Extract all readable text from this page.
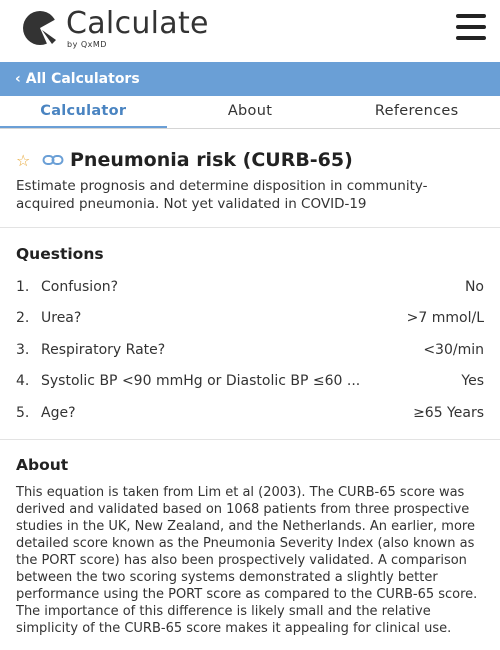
Calculate
by QxMD
‹ All Calculators
Calculator	About	References
☆	Pneumonia risk (CURB-65)
Estimate prognosis and determine disposition in community-acquired pneumonia. Not yet validated in COVID-19
Questions
1. Confusion?	No
2. Urea?	>7 mmol/L
3. Respiratory Rate?	<30/min
4. Systolic BP <90 mmHg or Diastolic BP ≤60 ...	Yes
5. Age?	≥65 Years
About
This equation is taken from Lim et al (2003). The CURB-65 score was derived and validated based on 1068 patients from three prospective studies in the UK, New Zealand, and the Netherlands. An earlier, more detailed score known as the Pneumonia Severity Index (also known as the PORT score) has also been prospectively validated. A comparison between the two scoring systems demonstrated a slightly better performance using the PORT score as compared to the CURB-65 score. The importance of this difference is likely small and the relative simplicity of the CURB-65 score makes it appealing for clinical use.
